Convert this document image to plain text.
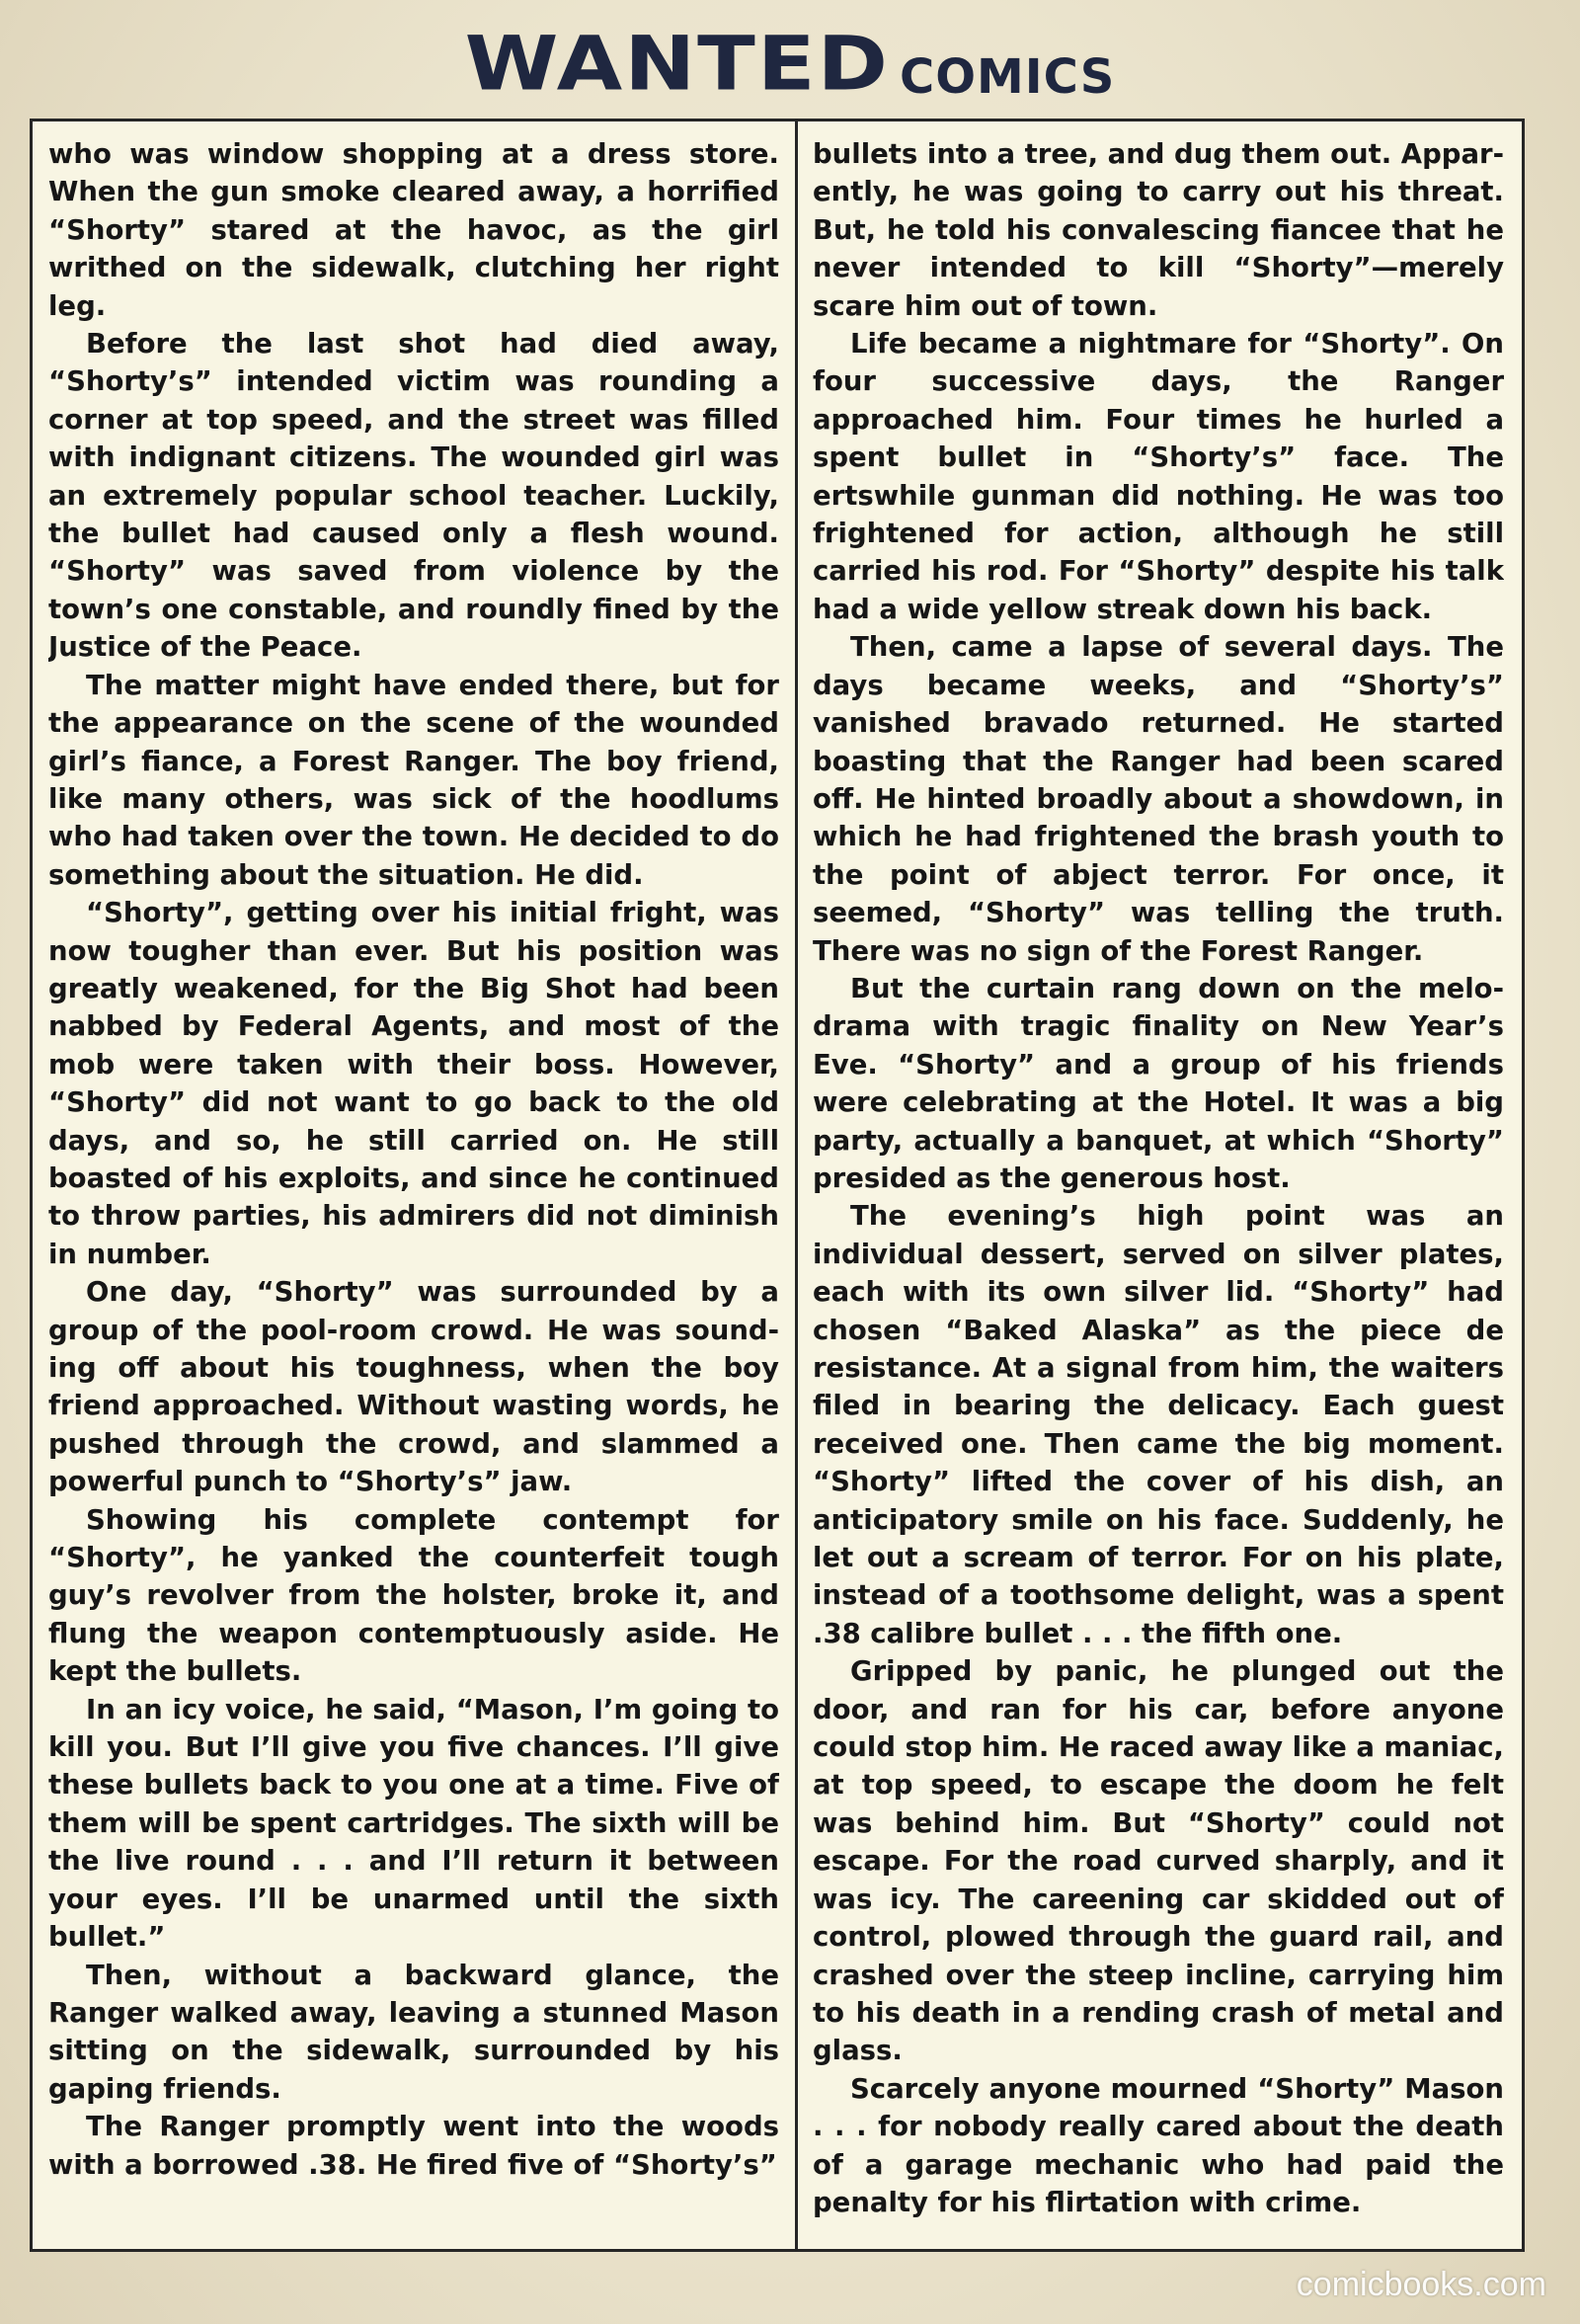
WANTED COMICS

who was window shopping at a dress store. When the gun smoke cleared away, a horrified “Shorty” stared at the havoc, as the girl writhed on the sidewalk, clutching her right leg.

Before the last shot had died away, “Shorty’s” intended victim was rounding a corner at top speed, and the street was filled with indignant citizens. The wounded girl was an extremely popular school teacher. Luckily, the bullet had caused only a flesh wound. “Shorty” was saved from violence by the town’s one constable, and roundly fined by the Justice of the Peace.

The matter might have ended there, but for the appearance on the scene of the wounded girl’s fiance, a Forest Ranger. The boy friend, like many others, was sick of the hoodlums who had taken over the town. He decided to do something about the situation. He did.

“Shorty”, getting over his initial fright, was now tougher than ever. But his position was greatly weakened, for the Big Shot had been nabbed by Federal Agents, and most of the mob were taken with their boss. However, “Shorty” did not want to go back to the old days, and so, he still carried on. He still boasted of his exploits, and since he continued to throw parties, his admirers did not diminish in number.

One day, “Shorty” was surrounded by a group of the pool-room crowd. He was sounding off about his toughness, when the boy friend approached. Without wasting words, he pushed through the crowd, and slammed a powerful punch to “Shorty’s” jaw.

Showing his complete contempt for “Shorty”, he yanked the counterfeit tough guy’s revolver from the holster, broke it, and flung the weapon contemptuously aside. He kept the bullets.

In an icy voice, he said, “Mason, I’m going to kill you. But I’ll give you five chances. I’ll give these bullets back to you one at a time. Five of them will be spent cartridges. The sixth will be the live round . . . and I’ll return it between your eyes. I’ll be unarmed until the sixth bullet.”

Then, without a backward glance, the Ranger walked away, leaving a stunned Mason sitting on the sidewalk, surrounded by his gaping friends.

The Ranger promptly went into the woods with a borrowed .38. He fired five of “Shorty’s”

bullets into a tree, and dug them out. Apparently, he was going to carry out his threat. But, he told his convalescing fiancee that he never intended to kill “Shorty”—merely scare him out of town.

Life became a nightmare for “Shorty”. On four successive days, the Ranger approached him. Four times he hurled a spent bullet in “Shorty’s” face. The ertswhile gunman did nothing. He was too frightened for action, although he still carried his rod. For “Shorty” despite his talk had a wide yellow streak down his back.

Then, came a lapse of several days. The days became weeks, and “Shorty’s” vanished bravado returned. He started boasting that the Ranger had been scared off. He hinted broadly about a showdown, in which he had frightened the brash youth to the point of abject terror. For once, it seemed, “Shorty” was telling the truth. There was no sign of the Forest Ranger.

But the curtain rang down on the melodrama with tragic finality on New Year’s Eve. “Shorty” and a group of his friends were celebrating at the Hotel. It was a big party, actually a banquet, at which “Shorty” presided as the generous host.

The evening’s high point was an individual dessert, served on silver plates, each with its own silver lid. “Shorty” had chosen “Baked Alaska” as the piece de resistance. At a signal from him, the waiters filed in bearing the delicacy. Each guest received one. Then came the big moment. “Shorty” lifted the cover of his dish, an anticipatory smile on his face. Suddenly, he let out a scream of terror. For on his plate, instead of a toothsome delight, was a spent .38 calibre bullet . . . the fifth one.

Gripped by panic, he plunged out the door, and ran for his car, before anyone could stop him. He raced away like a maniac, at top speed, to escape the doom he felt was behind him. But “Shorty” could not escape. For the road curved sharply, and it was icy. The careening car skidded out of control, plowed through the guard rail, and crashed over the steep incline, carrying him to his death in a rending crash of metal and glass.

Scarcely anyone mourned “Shorty” Mason . . . for nobody really cared about the death of a garage mechanic who had paid the penalty for his flirtation with crime.

comicbooks.com
